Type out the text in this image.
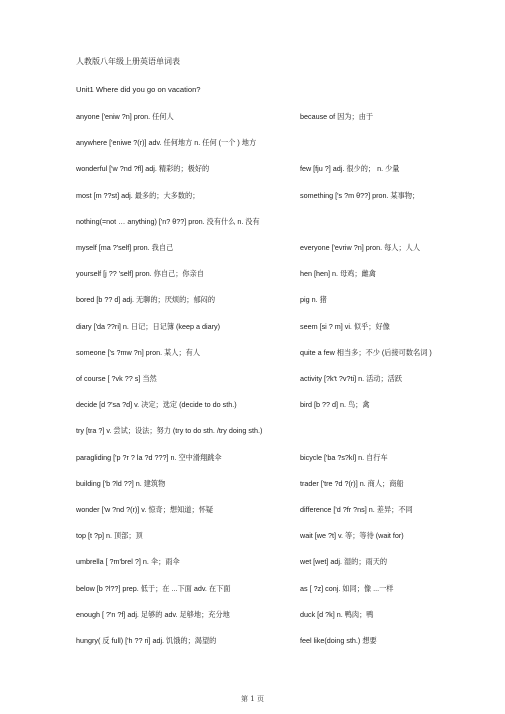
人教版八年级上册英语单词表
Unit1 Where did you go on vacation?
anyone ['eniw ?n] pron. 任何人	because of 因为；由于
anywhere ['eniwe ?(r)] adv. 任何地方 n. 任何 (一个 ) 地方
wonderful ['w ?nd ?fl] adj. 精彩的；极好的	few [fju ?] adj. 很少的； n. 少量
most [m ??st] adj. 最多的；大多数的；	something ['s ?m θ??] pron. 某事物；
nothing(=not … anything) ['n? θ??] pron. 没有什么 n. 没有
myself [ma ?'self] pron. 我自己	everyone ['evriw ?n] pron. 每人；人人
yourself [j ?? 'self] pron. 你自己；你亲自	hen [hen] n. 母鸡；雌禽
bored [b ?? d] adj. 无聊的；厌烦的；郁闷的	pig n. 猪
diary ['da ??ri] n. 日记；日记簿 (keep a diary)	seem [si ? m] vi. 似乎；好像
someone ['s ?mw ?n] pron. 某人；有人	quite a few 相当多；不少 (后接可数名词 )
of course [ ?vk ?? s] 当然	activity [?k't ?v?ti] n. 活动；活跃
decide [d ?'sa ?d] v. 决定；选定 (decide to do sth.)	bird [b ?? d] n. 鸟；禽
try [tra ?] v. 尝试；设法；努力 (try to do sth. /try doing sth.)
paragliding ['p ?r ? la ?d ???] n. 空中滑翔跳伞	bicycle ['ba ?s?kl] n. 自行车
building ['b ?ld ??] n. 建筑物	trader ['tre ?d ?(r)] n. 商人；商船
wonder ['w ?nd ?(r)] v. 惊奇；想知道；怀疑	difference ['d ?fr ?ns] n. 差异；不同
top [t ?p] n. 顶部；顶	wait [we ?t] v. 等；等待 (wait for)
umbrella [ ?m'brel ?] n. 伞；雨伞	wet [wet] adj. 湿的；雨天的
below [b ?l??] prep. 低于；在 ...下面 adv. 在下面	as [ ?z] conj. 如同；像 ...一样
enough [ ?'n ?f] adj. 足够的 adv. 足够地；充分地	duck [d ?k] n. 鸭肉；鸭
hungry( 反 full) ['h ?? ri] adj. 饥饿的；渴望的	feel like(doing sth.) 想要
第 1 页
